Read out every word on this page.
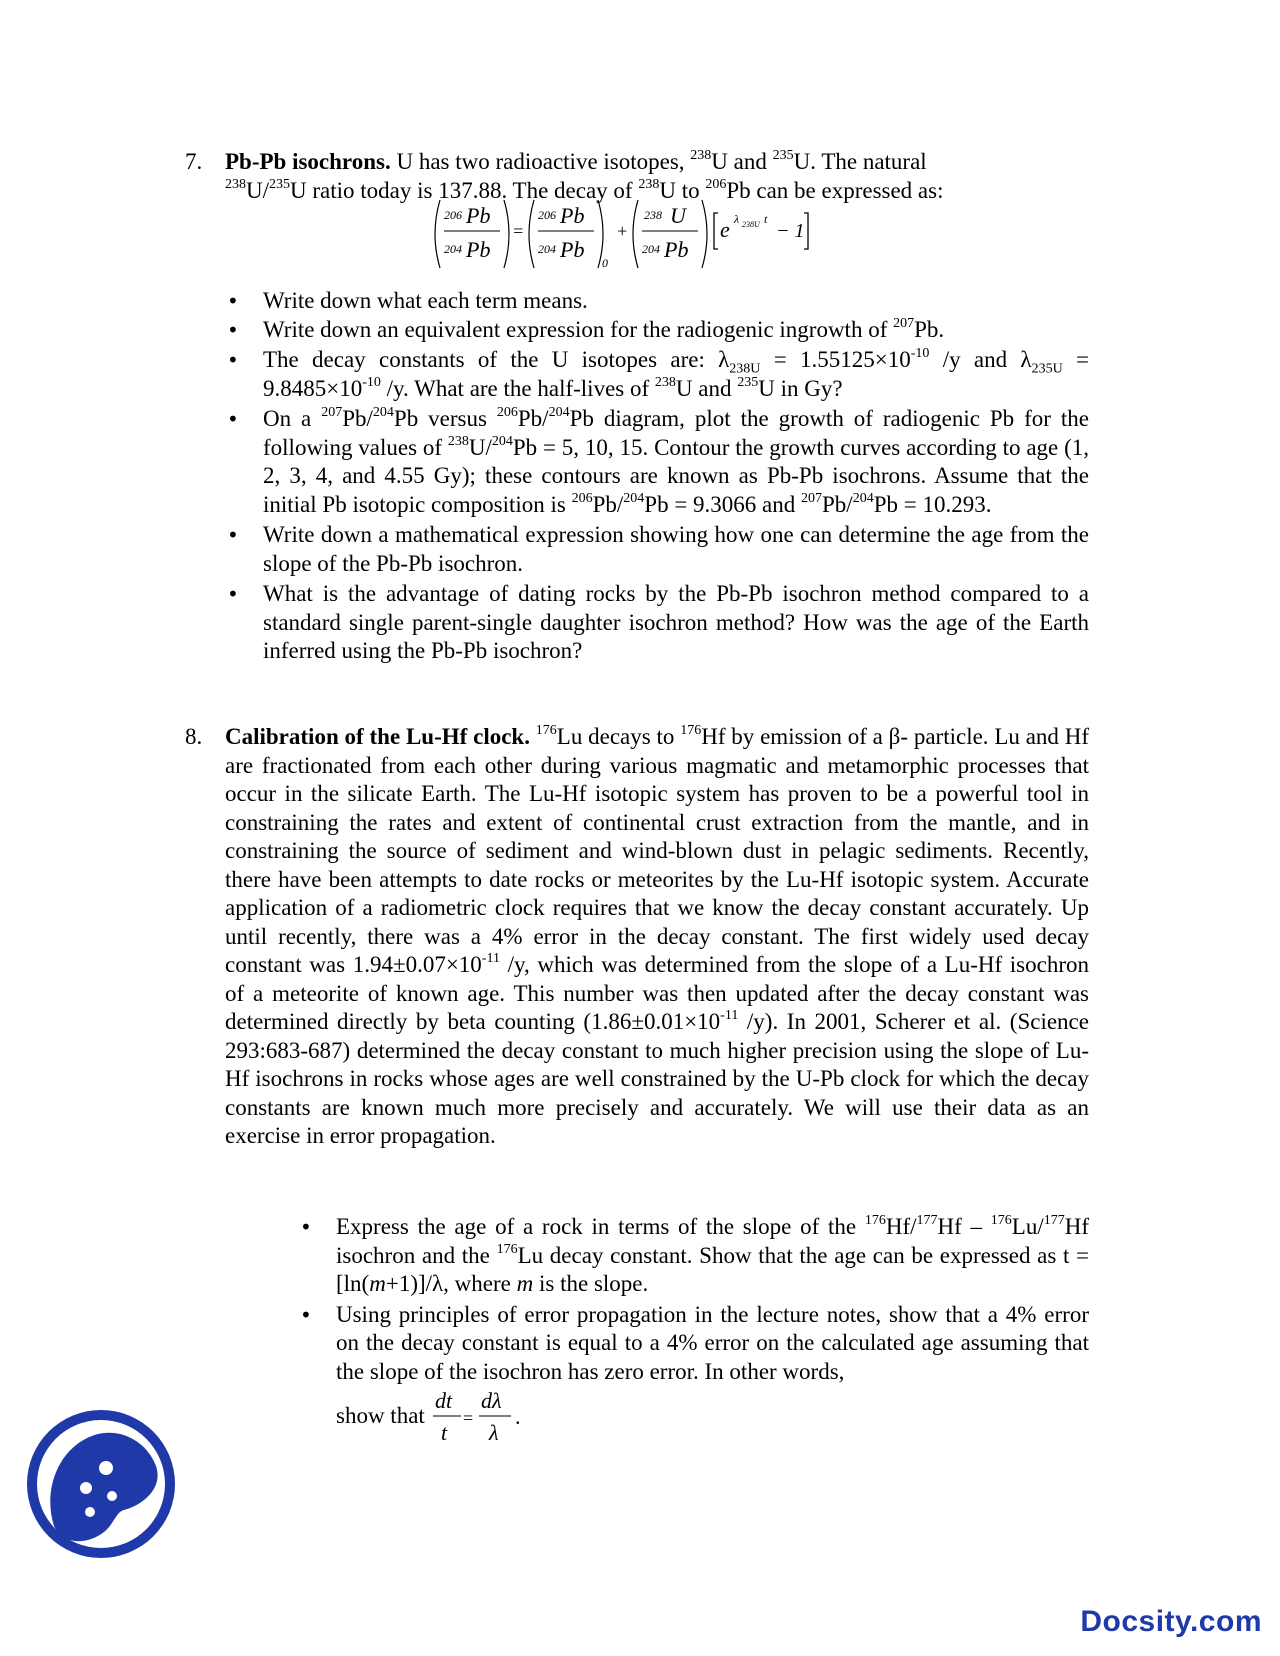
7. Pb-Pb isochrons. U has two radioactive isotopes, $^{238}$U and $^{235}$U. The natural
$^{238}$U/$^{235}$U ratio today is 137.88. The decay of $^{238}$U to $^{206}$Pb can be expressed as:
206 Pb
204 Pb
=
206 Pb
204 Pb
0
+
238 U
204 Pb
e λ 238U t
− 1
• Write down what each term means.
• Write down an equivalent expression for the radiogenic ingrowth of $^{207}$Pb.
• The decay constants of the U isotopes are: $\lambda_{238U} = 1.55125\times 10^{-10}$ /y and $\lambda_{235U} = 9.8485\times 10^{-10}$ /y. What are the half-lives of $^{238}$U and $^{235}$U in Gy?
• On a $^{207}$Pb/$^{204}$Pb versus $^{206}$Pb/$^{204}$Pb diagram, plot the growth of radiogenic Pb for the following values of $^{238}$U/$^{204}$Pb = 5, 10, 15. Contour the growth curves according to age (1, 2, 3, 4, and 4.55 Gy); these contours are known as Pb-Pb isochrons. Assume that the initial Pb isotopic composition is $^{206}$Pb/$^{204}$Pb = 9.3066 and $^{207}$Pb/$^{204}$Pb = 10.293.
• Write down a mathematical expression showing how one can determine the age from the slope of the Pb-Pb isochron.
• What is the advantage of dating rocks by the Pb-Pb isochron method compared to a standard single parent-single daughter isochron method? How was the age of the Earth inferred using the Pb-Pb isochron?
8. Calibration of the Lu-Hf clock. $^{176}$Lu decays to $^{176}$Hf by emission of a β- particle. Lu and Hf are fractionated from each other during various magmatic and metamorphic processes that occur in the silicate Earth. The Lu-Hf isotopic system has proven to be a powerful tool in constraining the rates and extent of continental crust extraction from the mantle, and in constraining the source of sediment and wind-blown dust in pelagic sediments. Recently, there have been attempts to date rocks or meteorites by the Lu-Hf isotopic system. Accurate application of a radiometric clock requires that we know the decay constant accurately. Up until recently, there was a 4% error in the decay constant. The first widely used decay constant was $1.94\pm 0.07\times 10^{-11}$ /y, which was determined from the slope of a Lu-Hf isochron of a meteorite of known age. This number was then updated after the decay constant was determined directly by beta counting ($1.86\pm 0.01\times 10^{-11}$ /y). In 2001, Scherer et al. (Science 293:683-687) determined the decay constant to much higher precision using the slope of Lu-Hf isochrons in rocks whose ages are well constrained by the U-Pb clock for which the decay constants are known much more precisely and accurately. We will use their data as an exercise in error propagation.
• Express the age of a rock in terms of the slope of the $^{176}$Hf/$^{177}$Hf – $^{176}$Lu/$^{177}$Hf isochron and the $^{176}$Lu decay constant. Show that the age can be expressed as t = [ln(m+1)]/λ, where m is the slope.
• Using principles of error propagation in the lecture notes, show that a 4% error on the decay constant is equal to a 4% error on the calculated age assuming that the slope of the isochron has zero error. In other words,
show that
dt
t
=
dλ
λ
.
Docsity.com
